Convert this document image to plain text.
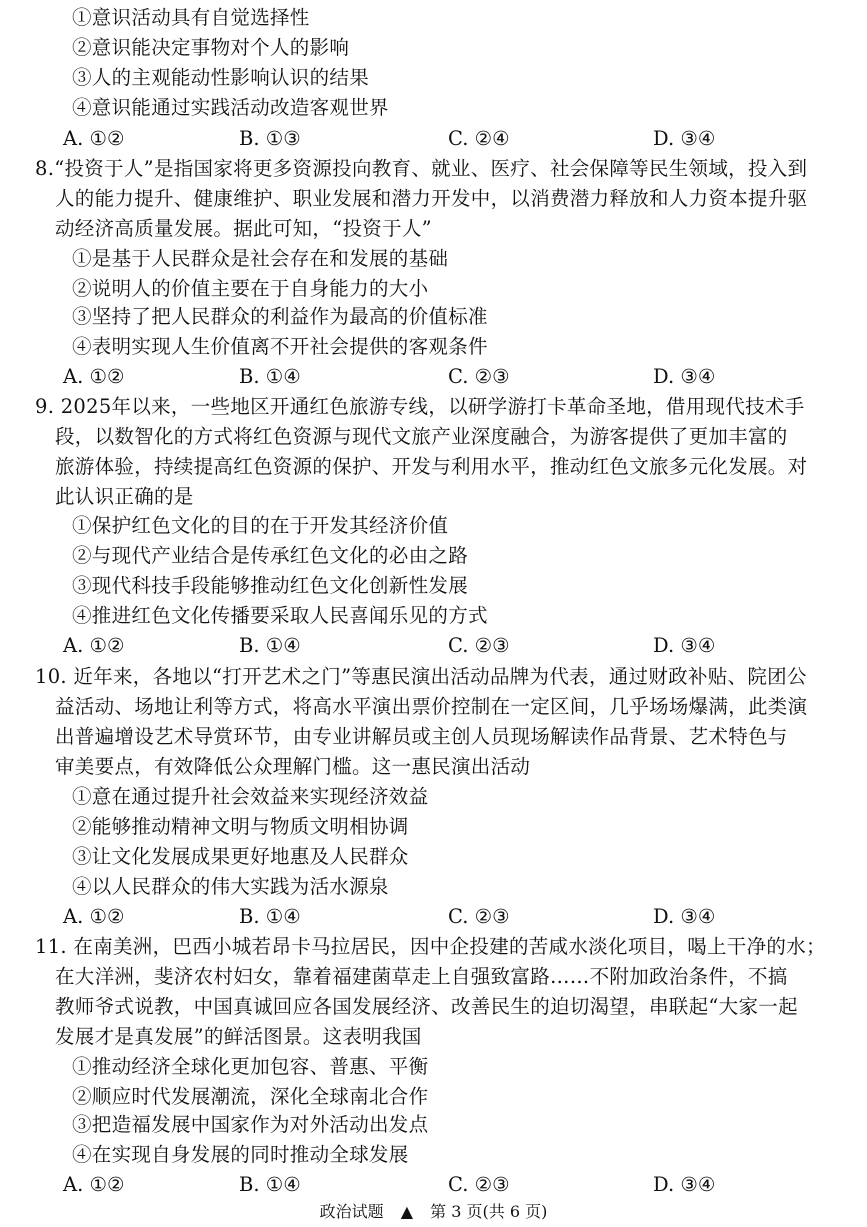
①意识活动具有自觉选择性
②意识能决定事物对个人的影响
③人的主观能动性影响认识的结果
④意识能通过实践活动改造客观世界
A. ①②	B. ①③	C. ②④	D. ③④
8.“投资于人”是指国家将更多资源投向教育、就业、医疗、社会保障等民生领域，投入到
人的能力提升、健康维护、职业发展和潜力开发中，以消费潜力释放和人力资本提升驱
动经济高质量发展。据此可知，“投资于人”
①是基于人民群众是社会存在和发展的基础
②说明人的价值主要在于自身能力的大小
③坚持了把人民群众的利益作为最高的价值标准
④表明实现人生价值离不开社会提供的客观条件
A. ①②	B. ①④	C. ②③	D. ③④
9. 2025年以来，一些地区开通红色旅游专线，以研学游打卡革命圣地，借用现代技术手
段，以数智化的方式将红色资源与现代文旅产业深度融合，为游客提供了更加丰富的
旅游体验，持续提高红色资源的保护、开发与利用水平，推动红色文旅多元化发展。对
此认识正确的是
①保护红色文化的目的在于开发其经济价值
②与现代产业结合是传承红色文化的必由之路
③现代科技手段能够推动红色文化创新性发展
④推进红色文化传播要采取人民喜闻乐见的方式
A. ①②	B. ①④	C. ②③	D. ③④
10. 近年来，各地以“打开艺术之门”等惠民演出活动品牌为代表，通过财政补贴、院团公
益活动、场地让利等方式，将高水平演出票价控制在一定区间，几乎场场爆满，此类演
出普遍增设艺术导赏环节，由专业讲解员或主创人员现场解读作品背景、艺术特色与
审美要点，有效降低公众理解门槛。这一惠民演出活动
①意在通过提升社会效益来实现经济效益
②能够推动精神文明与物质文明相协调
③让文化发展成果更好地惠及人民群众
④以人民群众的伟大实践为活水源泉
A. ①②	B. ①④	C. ②③	D. ③④
11. 在南美洲，巴西小城若昂卡马拉居民，因中企投建的苦咸水淡化项目，喝上干净的水；
在大洋洲，斐济农村妇女，靠着福建菌草走上自强致富路……不附加政治条件，不搞
教师爷式说教，中国真诚回应各国发展经济、改善民生的迫切渴望，串联起“大家一起
发展才是真发展”的鲜活图景。这表明我国
①推动经济全球化更加包容、普惠、平衡
②顺应时代发展潮流，深化全球南北合作
③把造福发展中国家作为对外活动出发点
④在实现自身发展的同时推动全球发展
A. ①②	B. ①④	C. ②③	D. ③④
政治试题 ▲ 第 3 页(共 6 页)
